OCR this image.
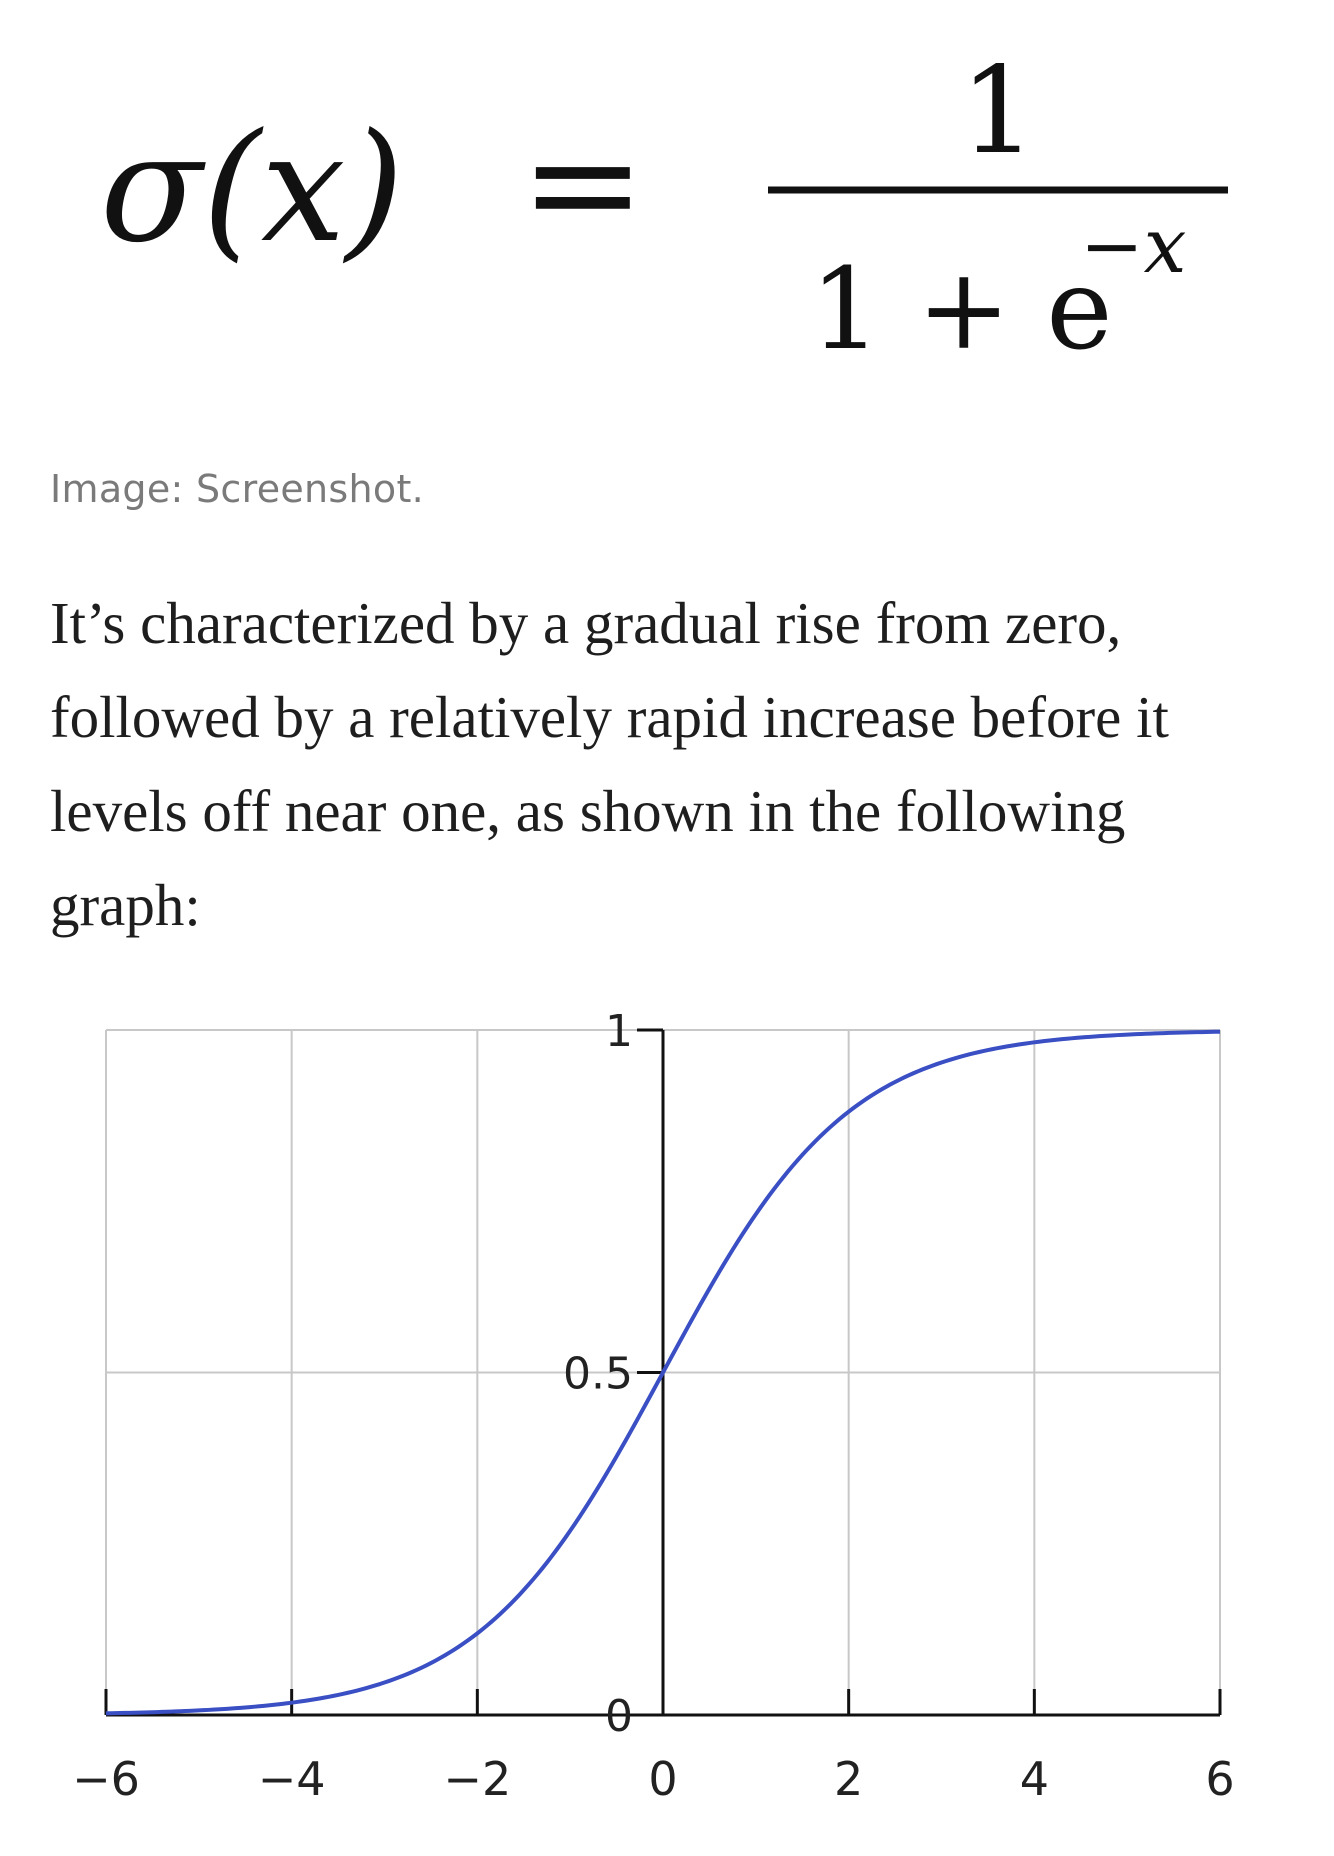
σ(x) =	1
1 + e
−x

Image: Screenshot.

It’s characterized by a gradual rise from zero, followed by a relatively rapid increase before it levels off near one, as shown in the following graph:

−6	−4	−2	0	2	4	6
0
0.5
1
